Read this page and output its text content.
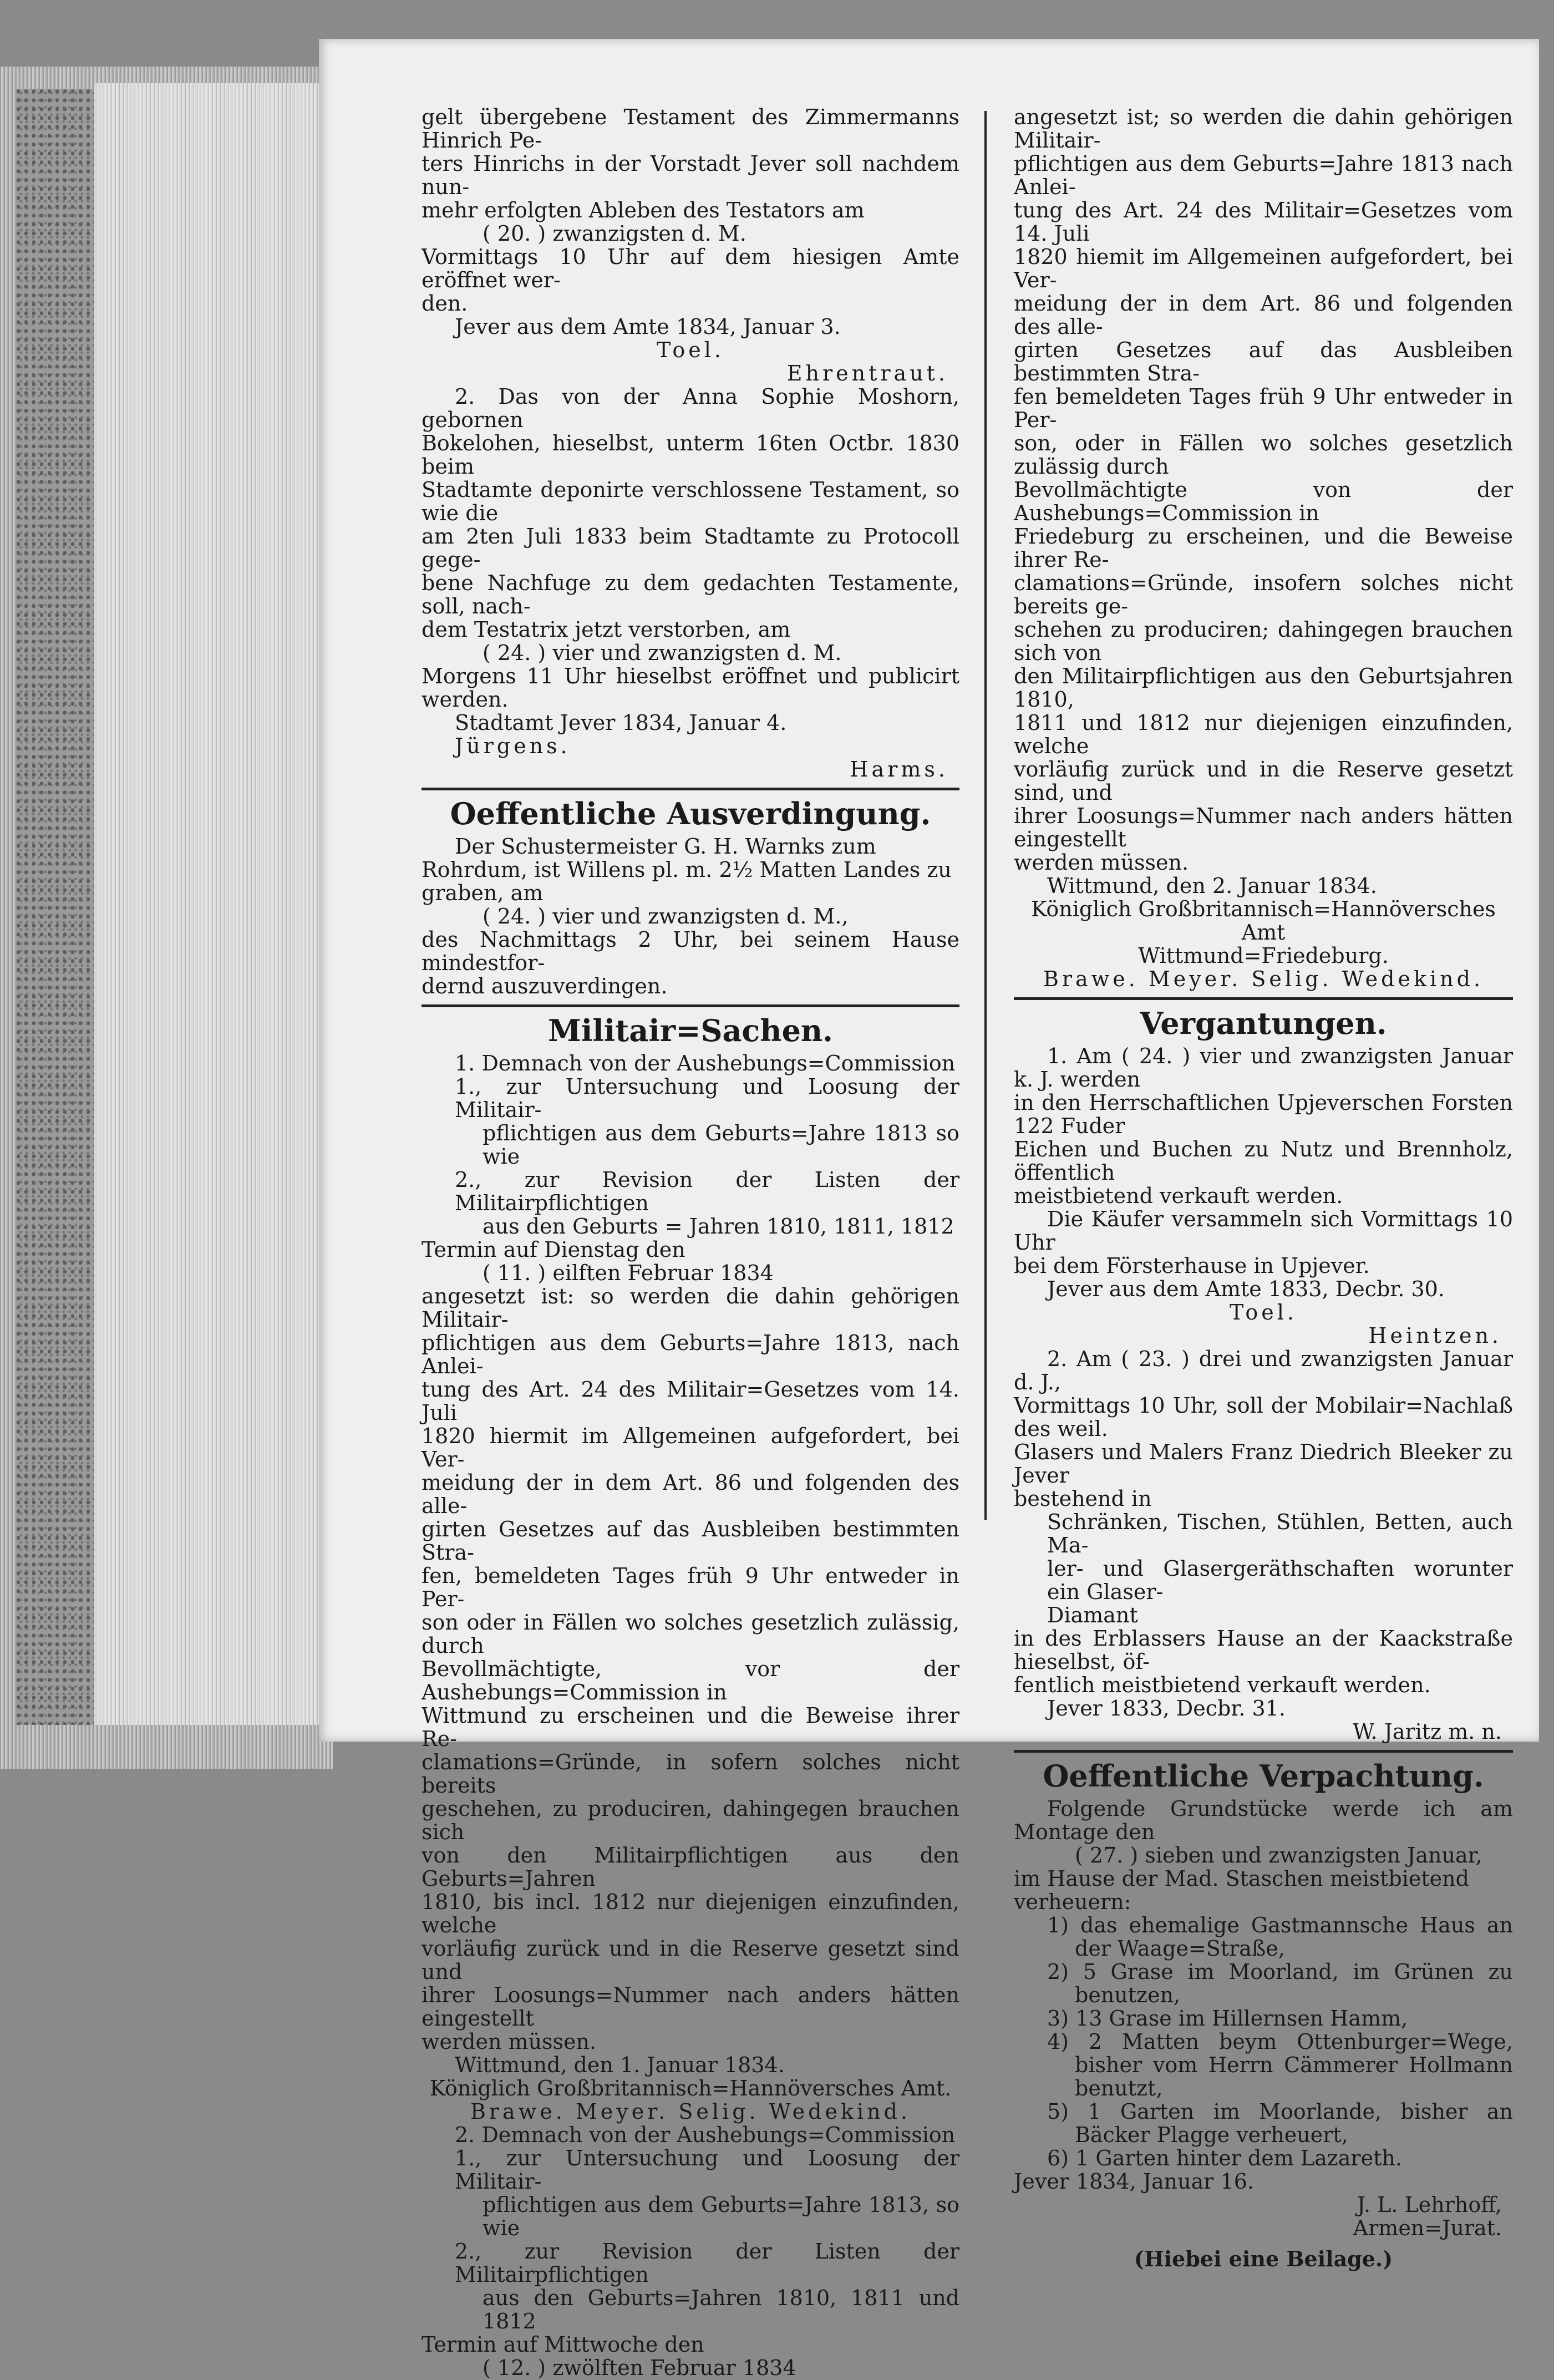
gelt übergebene Testament des Zimmermanns Hinrich Pe-

ters Hinrichs in der Vorstadt Jever soll nachdem nun-

mehr erfolgten Ableben des Testators am

( 20. ) zwanzigsten d. M.

Vormittags 10 Uhr auf dem hiesigen Amte eröffnet wer-

den.

Jever aus dem Amte 1834, Januar 3.

Toel.

Ehrentraut.

2. Das von der Anna Sophie Moshorn, gebornen

Bokelohen, hieselbst, unterm 16ten Octbr. 1830 beim

Stadtamte deponirte verschlossene Testament, so wie die

am 2ten Juli 1833 beim Stadtamte zu Protocoll gege-

bene Nachfuge zu dem gedachten Testamente, soll, nach-

dem Testatrix jetzt verstorben, am

( 24. ) vier und zwanzigsten d. M.

Morgens 11 Uhr hieselbst eröffnet und publicirt werden.

Stadtamt Jever 1834, Januar 4.

Jürgens.

Harms.

Oeffentliche Ausverdingung.

Der Schustermeister G. H. Warnks zum

Rohrdum, ist Willens pl. m. 2½ Matten Landes zu

graben, am

( 24. ) vier und zwanzigsten d. M.,

des Nachmittags 2 Uhr, bei seinem Hause mindestfor-

dernd auszuverdingen.

Militair=Sachen.

1. Demnach von der Aushebungs=Commission

1., zur Untersuchung und Loosung der Militair-

pflichtigen aus dem Geburts=Jahre 1813 so wie

2., zur Revision der Listen der Militairpflichtigen

aus den Geburts = Jahren 1810, 1811, 1812

Termin auf Dienstag den

( 11. ) eilften Februar 1834

angesetzt ist: so werden die dahin gehörigen Militair-

pflichtigen aus dem Geburts=Jahre 1813, nach Anlei-

tung des Art. 24 des Militair=Gesetzes vom 14. Juli

1820 hiermit im Allgemeinen aufgefordert, bei Ver-

meidung der in dem Art. 86 und folgenden des alle-

girten Gesetzes auf das Ausbleiben bestimmten Stra-

fen, bemeldeten Tages früh 9 Uhr entweder in Per-

son oder in Fällen wo solches gesetzlich zulässig, durch

Bevollmächtigte, vor der Aushebungs=Commission in

Wittmund zu erscheinen und die Beweise ihrer Re-

clamations=Gründe, in sofern solches nicht bereits

geschehen, zu produciren, dahingegen brauchen sich

von den Militairpflichtigen aus den Geburts=Jahren

1810, bis incl. 1812 nur diejenigen einzufinden, welche

vorläufig zurück und in die Reserve gesetzt sind und

ihrer Loosungs=Nummer nach anders hätten eingestellt

werden müssen.

Wittmund, den 1. Januar 1834.

Königlich Großbritannisch=Hannöversches Amt.

Brawe. Meyer. Selig. Wedekind.

2. Demnach von der Aushebungs=Commission

1., zur Untersuchung und Loosung der Militair-

pflichtigen aus dem Geburts=Jahre 1813, so wie

2., zur Revision der Listen der Militairpflichtigen

aus den Geburts=Jahren 1810, 1811 und 1812

Termin auf Mittwoche den

( 12. ) zwölften Februar 1834

angesetzt ist; so werden die dahin gehörigen Militair-

pflichtigen aus dem Geburts=Jahre 1813 nach Anlei-

tung des Art. 24 des Militair=Gesetzes vom 14. Juli

1820 hiemit im Allgemeinen aufgefordert, bei Ver-

meidung der in dem Art. 86 und folgenden des alle-

girten Gesetzes auf das Ausbleiben bestimmten Stra-

fen bemeldeten Tages früh 9 Uhr entweder in Per-

son, oder in Fällen wo solches gesetzlich zulässig durch

Bevollmächtigte von der Aushebungs=Commission in

Friedeburg zu erscheinen, und die Beweise ihrer Re-

clamations=Gründe, insofern solches nicht bereits ge-

schehen zu produciren; dahingegen brauchen sich von

den Militairpflichtigen aus den Geburtsjahren 1810,

1811 und 1812 nur diejenigen einzufinden, welche

vorläufig zurück und in die Reserve gesetzt sind, und

ihrer Loosungs=Nummer nach anders hätten eingestellt

werden müssen.

Wittmund, den 2. Januar 1834.

Königlich Großbritannisch=Hannöversches Amt

Wittmund=Friedeburg.

Brawe. Meyer. Selig. Wedekind.

Vergantungen.

1. Am ( 24. ) vier und zwanzigsten Januar k. J. werden

in den Herrschaftlichen Upjeverschen Forsten 122 Fuder

Eichen und Buchen zu Nutz und Brennholz, öffentlich

meistbietend verkauft werden.

Die Käufer versammeln sich Vormittags 10 Uhr

bei dem Försterhause in Upjever.

Jever aus dem Amte 1833, Decbr. 30.

Toel.

Heintzen.

2. Am ( 23. ) drei und zwanzigsten Januar d. J.,

Vormittags 10 Uhr, soll der Mobilair=Nachlaß des weil.

Glasers und Malers Franz Diedrich Bleeker zu Jever

bestehend in

Schränken, Tischen, Stühlen, Betten, auch Ma-

ler- und Glasergeräthschaften worunter ein Glaser-

Diamant

in des Erblassers Hause an der Kaackstraße hieselbst, öf-

fentlich meistbietend verkauft werden.

Jever 1833, Decbr. 31.

W. Jaritz m. n.

Oeffentliche Verpachtung.

Folgende Grundstücke werde ich am Montage den

( 27. ) sieben und zwanzigsten Januar,

im Hause der Mad. Staschen meistbietend verheuern:

1) das ehemalige Gastmannsche Haus an der Waage=Straße,

2) 5 Grase im Moorland, im Grünen zu benutzen,

3) 13 Grase im Hillernsen Hamm,

4) 2 Matten beym Ottenburger=Wege, bisher vom Herrn Cämmerer Hollmann benutzt,

5) 1 Garten im Moorlande, bisher an Bäcker Plagge verheuert,

6) 1 Garten hinter dem Lazareth.

Jever 1834, Januar 16.

J. L. Lehrhoff,

Armen=Jurat.

(Hiebei eine Beilage.)
